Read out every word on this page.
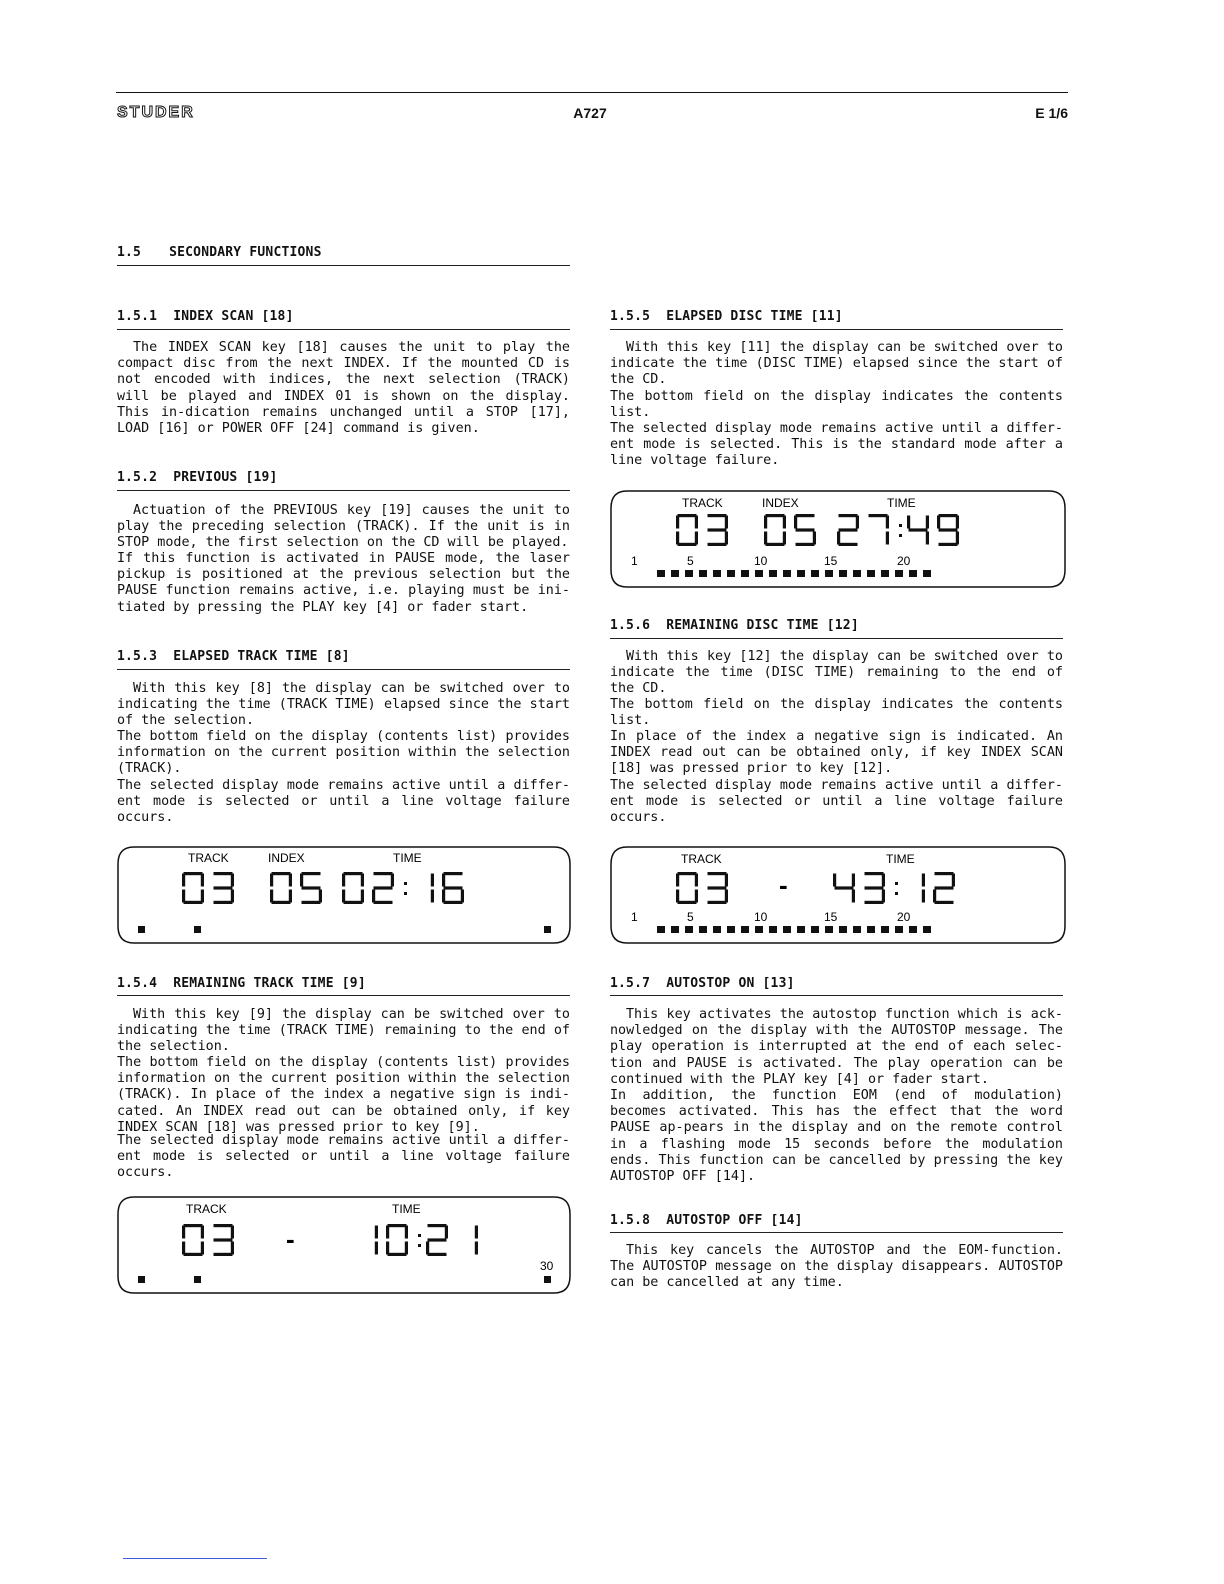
STUDER	A727	E 1/6
1.5 SECONDARY FUNCTIONS
1.5.1 INDEX SCAN [18]
The INDEX SCAN key [18] causes the unit to play the compact disc from the next INDEX. If the mounted CD is not encoded with indices, the next selection (TRACK) will be played and INDEX 01 is shown on the display. This in-dication remains unchanged until a STOP [17], LOAD [16] or POWER OFF [24] command is given.
1.5.2 PREVIOUS [19]
Actuation of the PREVIOUS key [19] causes the unit to play the preceding selection (TRACK). If the unit is in STOP mode, the first selection on the CD will be played.
If this function is activated in PAUSE mode, the laser pickup is positioned at the previous selection but the PAUSE function remains active, i.e. playing must be ini-tiated by pressing the PLAY key [4] or fader start.
1.5.3 ELAPSED TRACK TIME [8]
With this key [8] the display can be switched over to indicating the time (TRACK TIME) elapsed since the start of the selection.
The bottom field on the display (contents list) provides information on the current position within the selection (TRACK).
The selected display mode remains active until a differ-ent mode is selected or until a line voltage failure occurs.
TRACK	INDEX	TIME
1.5.4 REMAINING TRACK TIME [9]
With this key [9] the display can be switched over to indicating the time (TRACK TIME) remaining to the end of the selection.
The bottom field on the display (contents list) provides information on the current position within the selection (TRACK). In place of the index a negative sign is indi-cated. An INDEX read out can be obtained only, if key INDEX SCAN [18] was pressed prior to key [9].
The selected display mode remains active until a differ-ent mode is selected or until a line voltage failure occurs.
TRACK	TIME
-
30
1.5.5 ELAPSED DISC TIME [11]
With this key [11] the display can be switched over to indicate the time (DISC TIME) elapsed since the start of the CD.
The bottom field on the display indicates the contents list.
The selected display mode remains active until a differ-ent mode is selected. This is the standard mode after a line voltage failure.
TRACK	INDEX	TIME
1	5	10	15	20
1.5.6 REMAINING DISC TIME [12]
With this key [12] the display can be switched over to indicate the time (DISC TIME) remaining to the end of the CD.
The bottom field on the display indicates the contents list.
In place of the index a negative sign is indicated. An INDEX read out can be obtained only, if key INDEX SCAN [18] was pressed prior to key [12].
The selected display mode remains active until a differ-ent mode is selected or until a line voltage failure occurs.
TRACK	TIME
-
1	5	10	15	20
1.5.7 AUTOSTOP ON [13]
This key activates the autostop function which is ack-nowledged on the display with the AUTOSTOP message. The play operation is interrupted at the end of each selec-tion and PAUSE is activated. The play operation can be continued with the PLAY key [4] or fader start.
In addition, the function EOM (end of modulation) becomes activated. This has the effect that the word PAUSE ap-pears in the display and on the remote control in a flashing mode 15 seconds before the modulation ends. This function can be cancelled by pressing the key AUTOSTOP OFF [14].
1.5.8 AUTOSTOP OFF [14]
This key cancels the AUTOSTOP and the EOM-function. The AUTOSTOP message on the display disappears. AUTOSTOP can be cancelled at any time.
